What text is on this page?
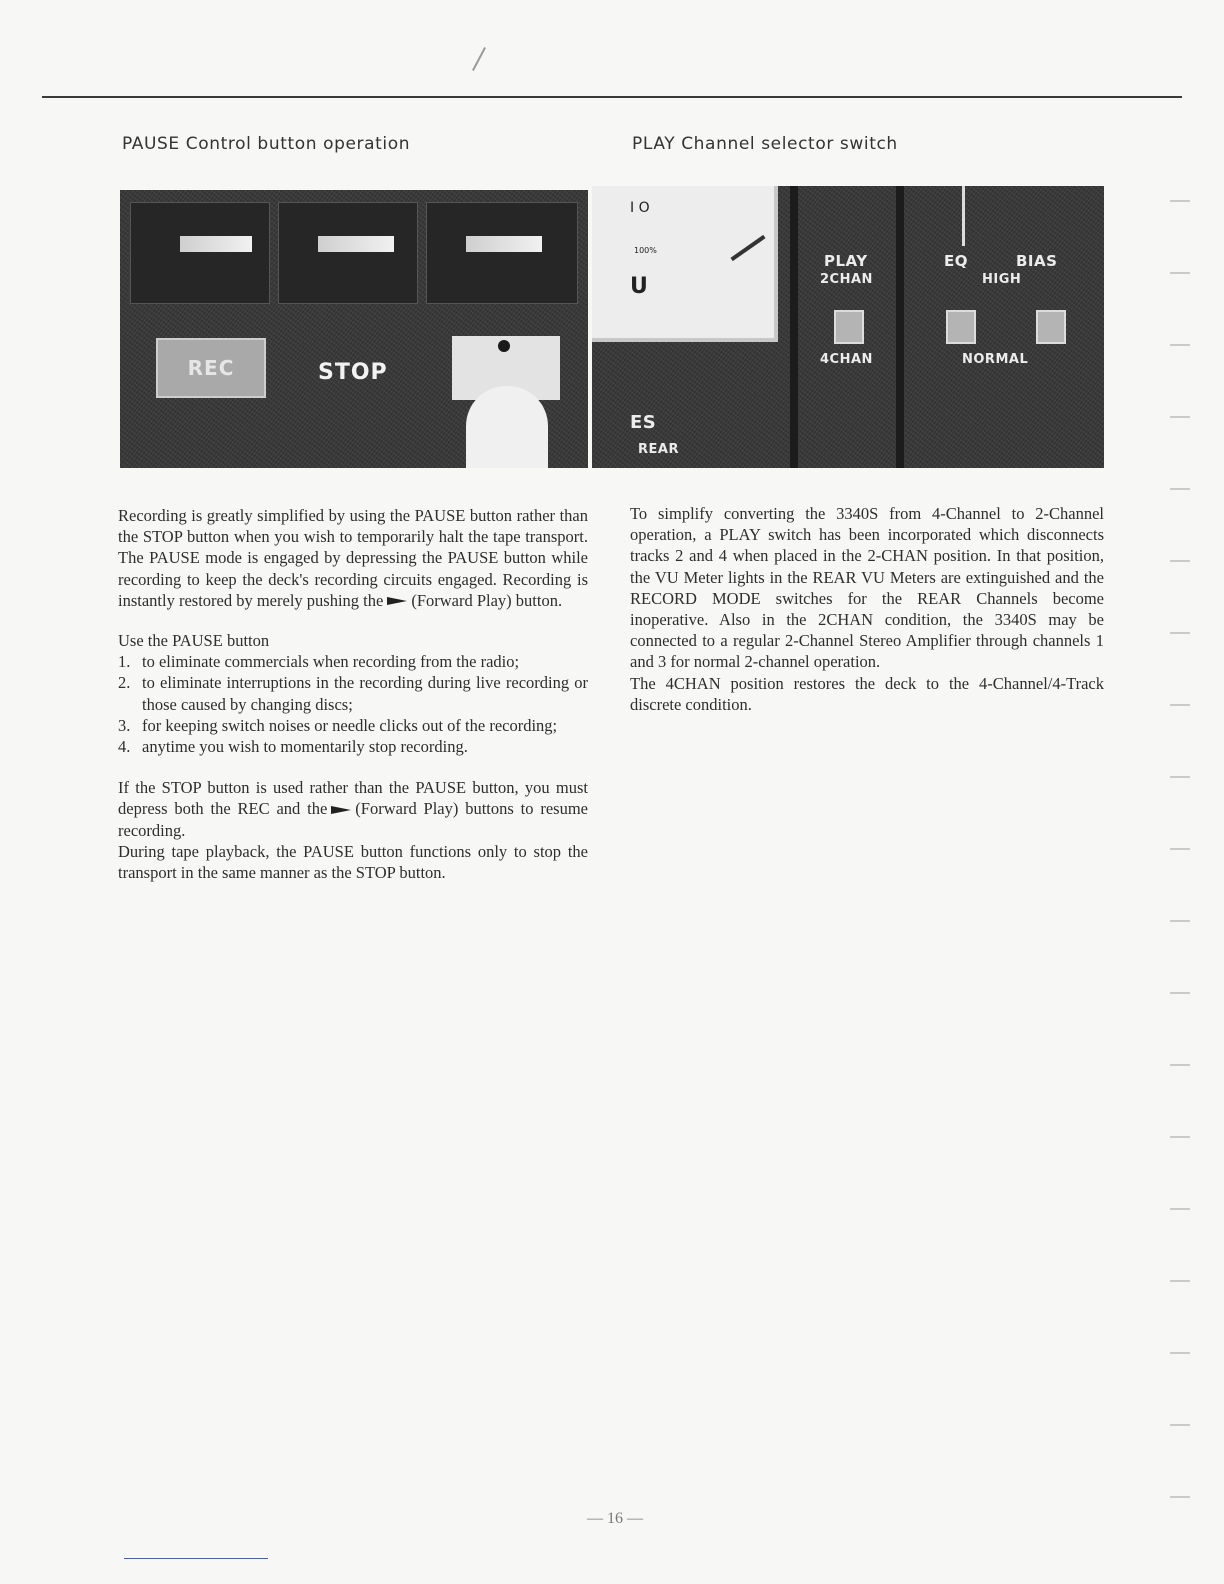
PAUSE Control button operation	PLAY Channel selector switch
REC	STOP
I O
100%
U
ES
REAR
PLAY
2CHAN
4CHAN
EQ	BIAS
HIGH
NORMAL

Recording is greatly simplified by using the PAUSE button rather than the STOP button when you wish to temporarily halt the tape transport. The PAUSE mode is engaged by depressing the PAUSE button while recording to keep the deck's recording circuits engaged. Recording is instantly restored by merely pushing the (Forward Play) button.

Use the PAUSE button

1. to eliminate commercials when recording from the radio;
2. to eliminate interruptions in the recording during live recording or those caused by changing discs;
3. for keeping switch noises or needle clicks out of the recording;
4. anytime you wish to momentarily stop recording.

If the STOP button is used rather than the PAUSE button, you must depress both the REC and the (Forward Play) buttons to resume recording.

During tape playback, the PAUSE button functions only to stop the transport in the same manner as the STOP button.

To simplify converting the 3340S from 4-Channel to 2-Channel operation, a PLAY switch has been incorporated which disconnects tracks 2 and 4 when placed in the 2-CHAN position. In that position, the VU Meter lights in the REAR VU Meters are extinguished and the RECORD MODE switches for the REAR Channels become inoperative. Also in the 2CHAN condition, the 3340S may be connected to a regular 2-Channel Stereo Amplifier through channels 1 and 3 for normal 2-channel operation.

The 4CHAN position restores the deck to the 4-Channel/4-Track discrete condition.

— 16 —
